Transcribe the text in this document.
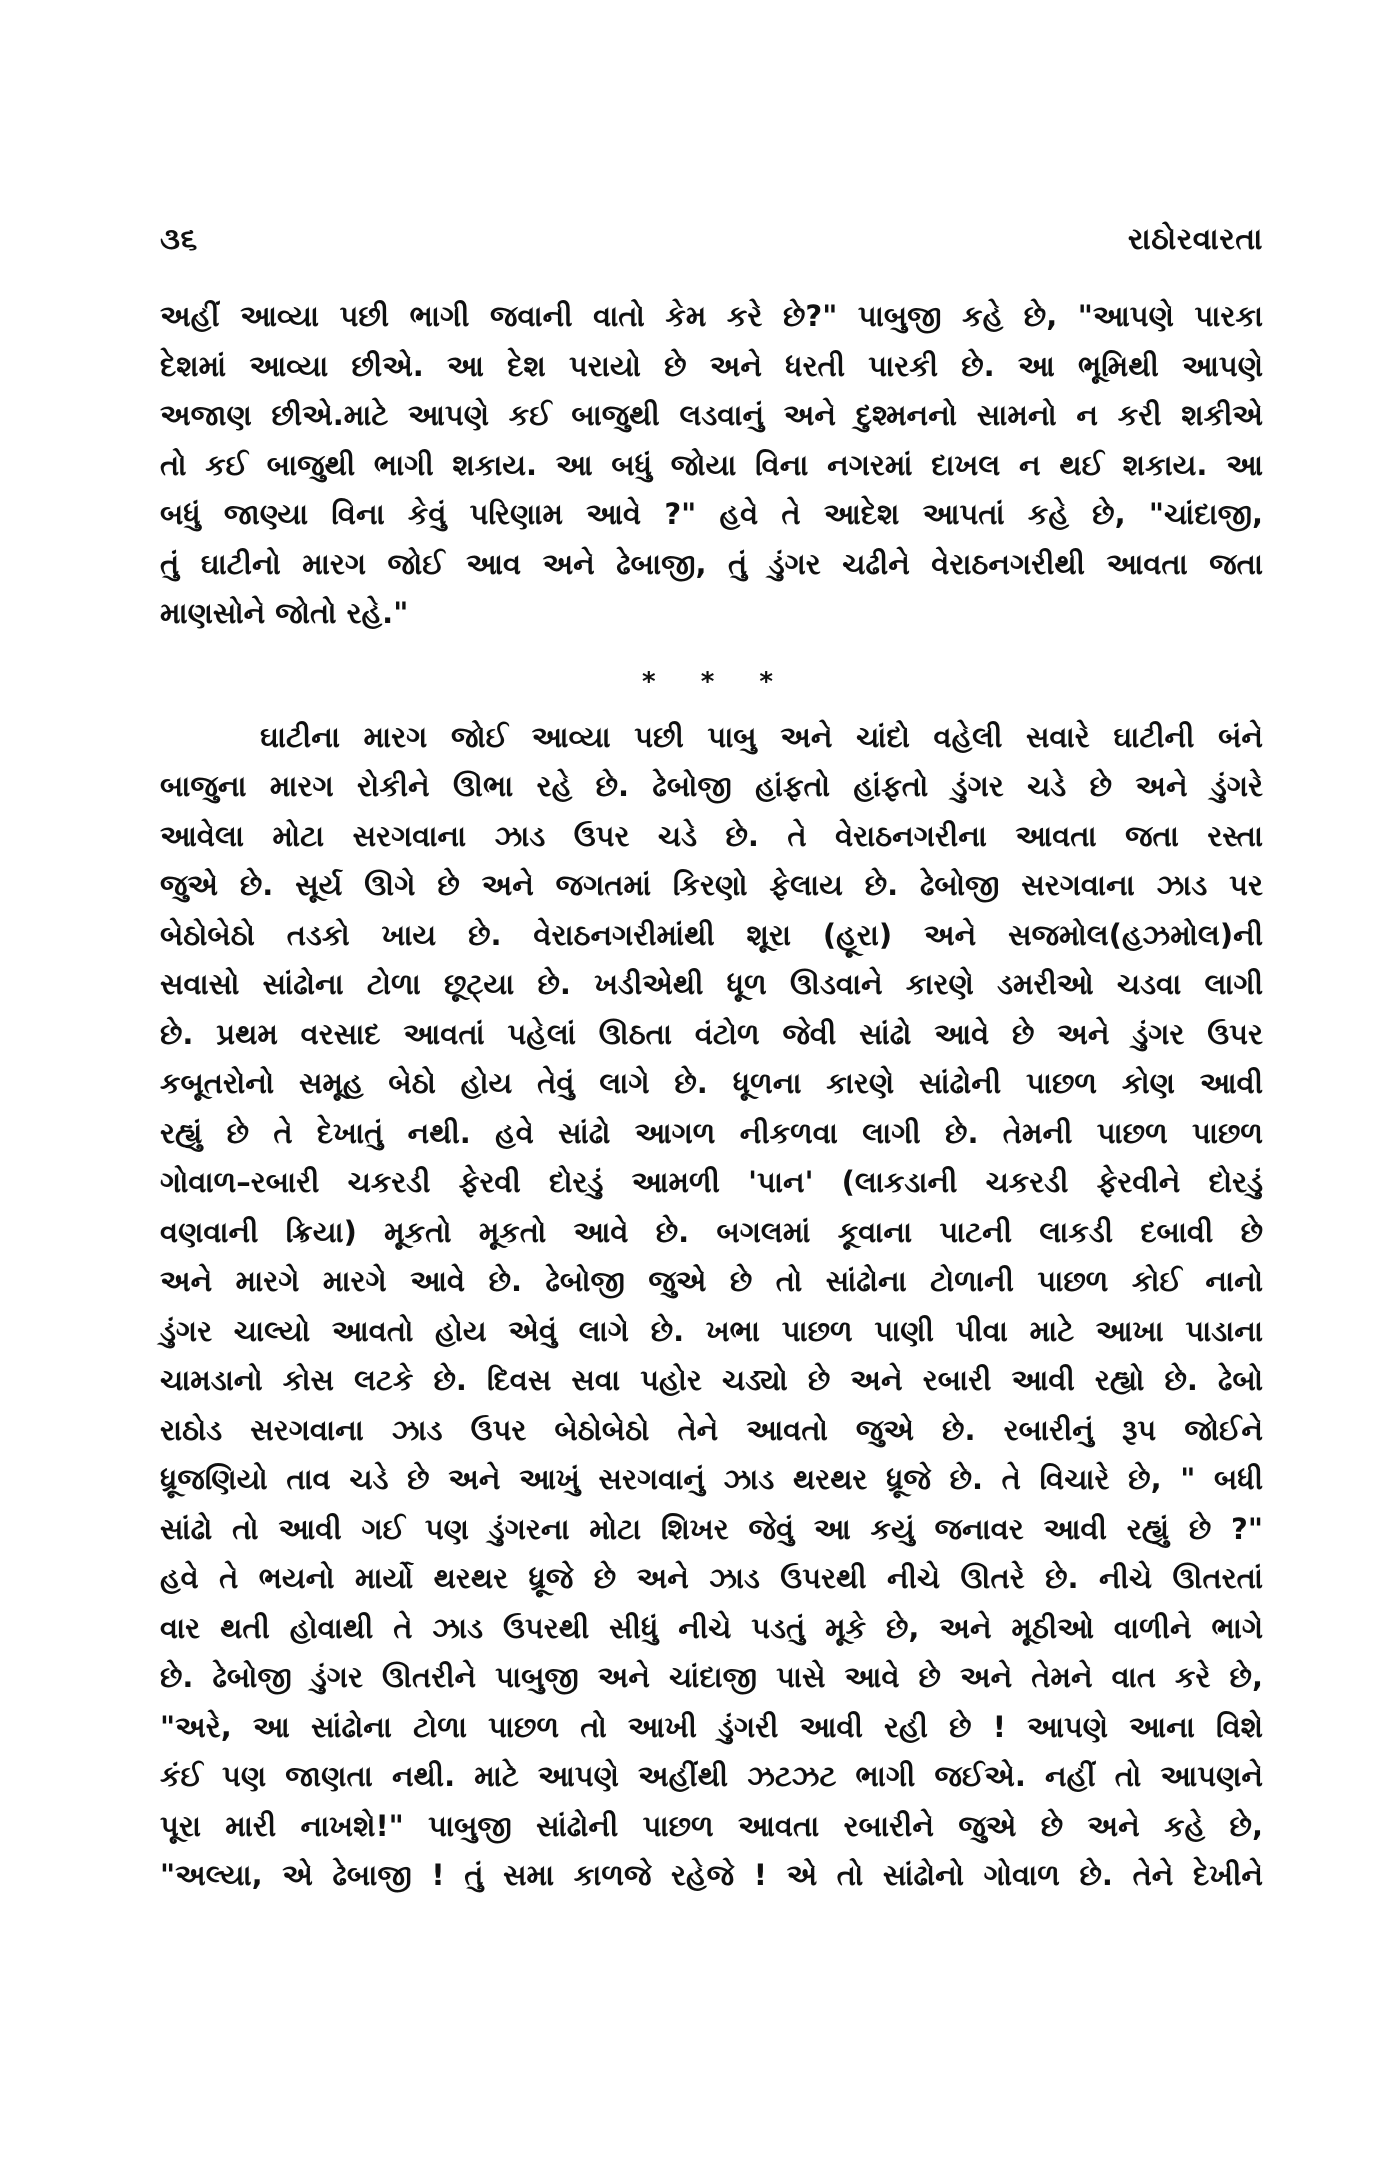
૩૬	રાઠોરવારતા
અહીં આવ્યા પછી ભાગી જવાની વાતો કેમ કરે છે?" પાબુજી કહે છે, "આપણે પારકા
દેશમાં આવ્યા છીએ. આ દેશ પરાયો છે અને ધરતી પારકી છે. આ ભૂમિથી આપણે
અજાણ છીએ.માટે આપણે કઈ બાજુથી લડવાનું અને દુશ્મનનો સામનો ન કરી શકીએ
તો કઈ બાજુથી ભાગી શકાય. આ બધું જોયા વિના નગરમાં દાખલ ન થઈ શકાય. આ
બધું જાણ્યા વિના કેવું પરિણામ આવે ?" હવે તે આદેશ આપતાં કહે છે, "ચાંદાજી,
તું ઘાટીનો મારગ જોઈ આવ અને ઢેબાજી, તું ડુંગર ચઢીને વેરાઠનગરીથી આવતા જતા
માણસોને જોતો રહે."
* * *
ઘાટીના મારગ જોઈ આવ્યા પછી પાબુ અને ચાંદો વહેલી સવારે ઘાટીની બંને
બાજુના મારગ રોકીને ઊભા રહે છે. ઢેબોજી હાંફતો હાંફતો ડુંગર ચડે છે અને ડુંગરે
આવેલા મોટા સરગવાના ઝાડ ઉપર ચડે છે. તે વેરાઠનગરીના આવતા જતા રસ્તા
જુએ છે. સૂર્ય ઊગે છે અને જગતમાં કિરણો ફેલાય છે. ઢેબોજી સરગવાના ઝાડ પર
બેઠોબેઠો તડકો ખાય છે. વેરાઠનગરીમાંથી શૂરા (હૂરા) અને સજમોલ(હઝમોલ)ની
સવાસો સાંઢોના ટોળા છૂટ્યા છે. ખડીએથી ધૂળ ઊડવાને કારણે ડમરીઓ ચડવા લાગી
છે. પ્રથમ વરસાદ આવતાં પહેલાં ઊઠતા વંટોળ જેવી સાંઢો આવે છે અને ડુંગર ઉપર
કબૂતરોનો સમૂહ બેઠો હોય તેવું લાગે છે. ધૂળના કારણે સાંઢોની પાછળ કોણ આવી
રહ્યું છે તે દેખાતું નથી. હવે સાંઢો આગળ નીકળવા લાગી છે. તેમની પાછળ પાછળ
ગોવાળ–રબારી ચકરડી ફેરવી દોરડું આમળી 'પાન' (લાકડાની ચકરડી ફેરવીને દોરડું
વણવાની ક્રિયા) મૂકતો મૂકતો આવે છે. બગલમાં કૂવાના પાટની લાકડી દબાવી છે
અને મારગે મારગે આવે છે. ઢેબોજી જુએ છે તો સાંઢોના ટોળાની પાછળ કોઈ નાનો
ડુંગર ચાલ્યો આવતો હોય એવું લાગે છે. ખભા પાછળ પાણી પીવા માટે આખા પાડાના
ચામડાનો કોસ લટકે છે. દિવસ સવા પહોર ચડ્યો છે અને રબારી આવી રહ્યો છે. ઢેબો
રાઠોડ સરગવાના ઝાડ ઉપર બેઠોબેઠો તેને આવતો જુએ છે. રબારીનું રૂપ જોઈને
ધ્રૂજણિયો તાવ ચડે છે અને આખું સરગવાનું ઝાડ થરથર ધ્રૂજે છે. તે વિચારે છે, " બધી
સાંઢો તો આવી ગઈ પણ ડુંગરના મોટા શિખર જેવું આ કયું જનાવર આવી રહ્યું છે ?"
હવે તે ભયનો માર્યો થરથર ધ્રૂજે છે અને ઝાડ ઉપરથી નીચે ઊતરે છે. નીચે ઊતરતાં
વાર થતી હોવાથી તે ઝાડ ઉપરથી સીધું નીચે પડતું મૂકે છે, અને મૂઠીઓ વાળીને ભાગે
છે. ઢેબોજી ડુંગર ઊતરીને પાબુજી અને ચાંદાજી પાસે આવે છે અને તેમને વાત કરે છે,
"અરે, આ સાંઢોના ટોળા પાછળ તો આખી ડુંગરી આવી રહી છે ! આપણે આના વિશે
કંઈ પણ જાણતા નથી. માટે આપણે અહીંથી ઝટઝટ ભાગી જઈએ. નહીં તો આપણને
પૂરા મારી નાખશે!" પાબુજી સાંઢોની પાછળ આવતા રબારીને જુએ છે અને કહે છે,
"અલ્યા, એ ઢેબાજી ! તું સમા કાળજે રહેજે ! એ તો સાંઢોનો ગોવાળ છે. તેને દેખીને
